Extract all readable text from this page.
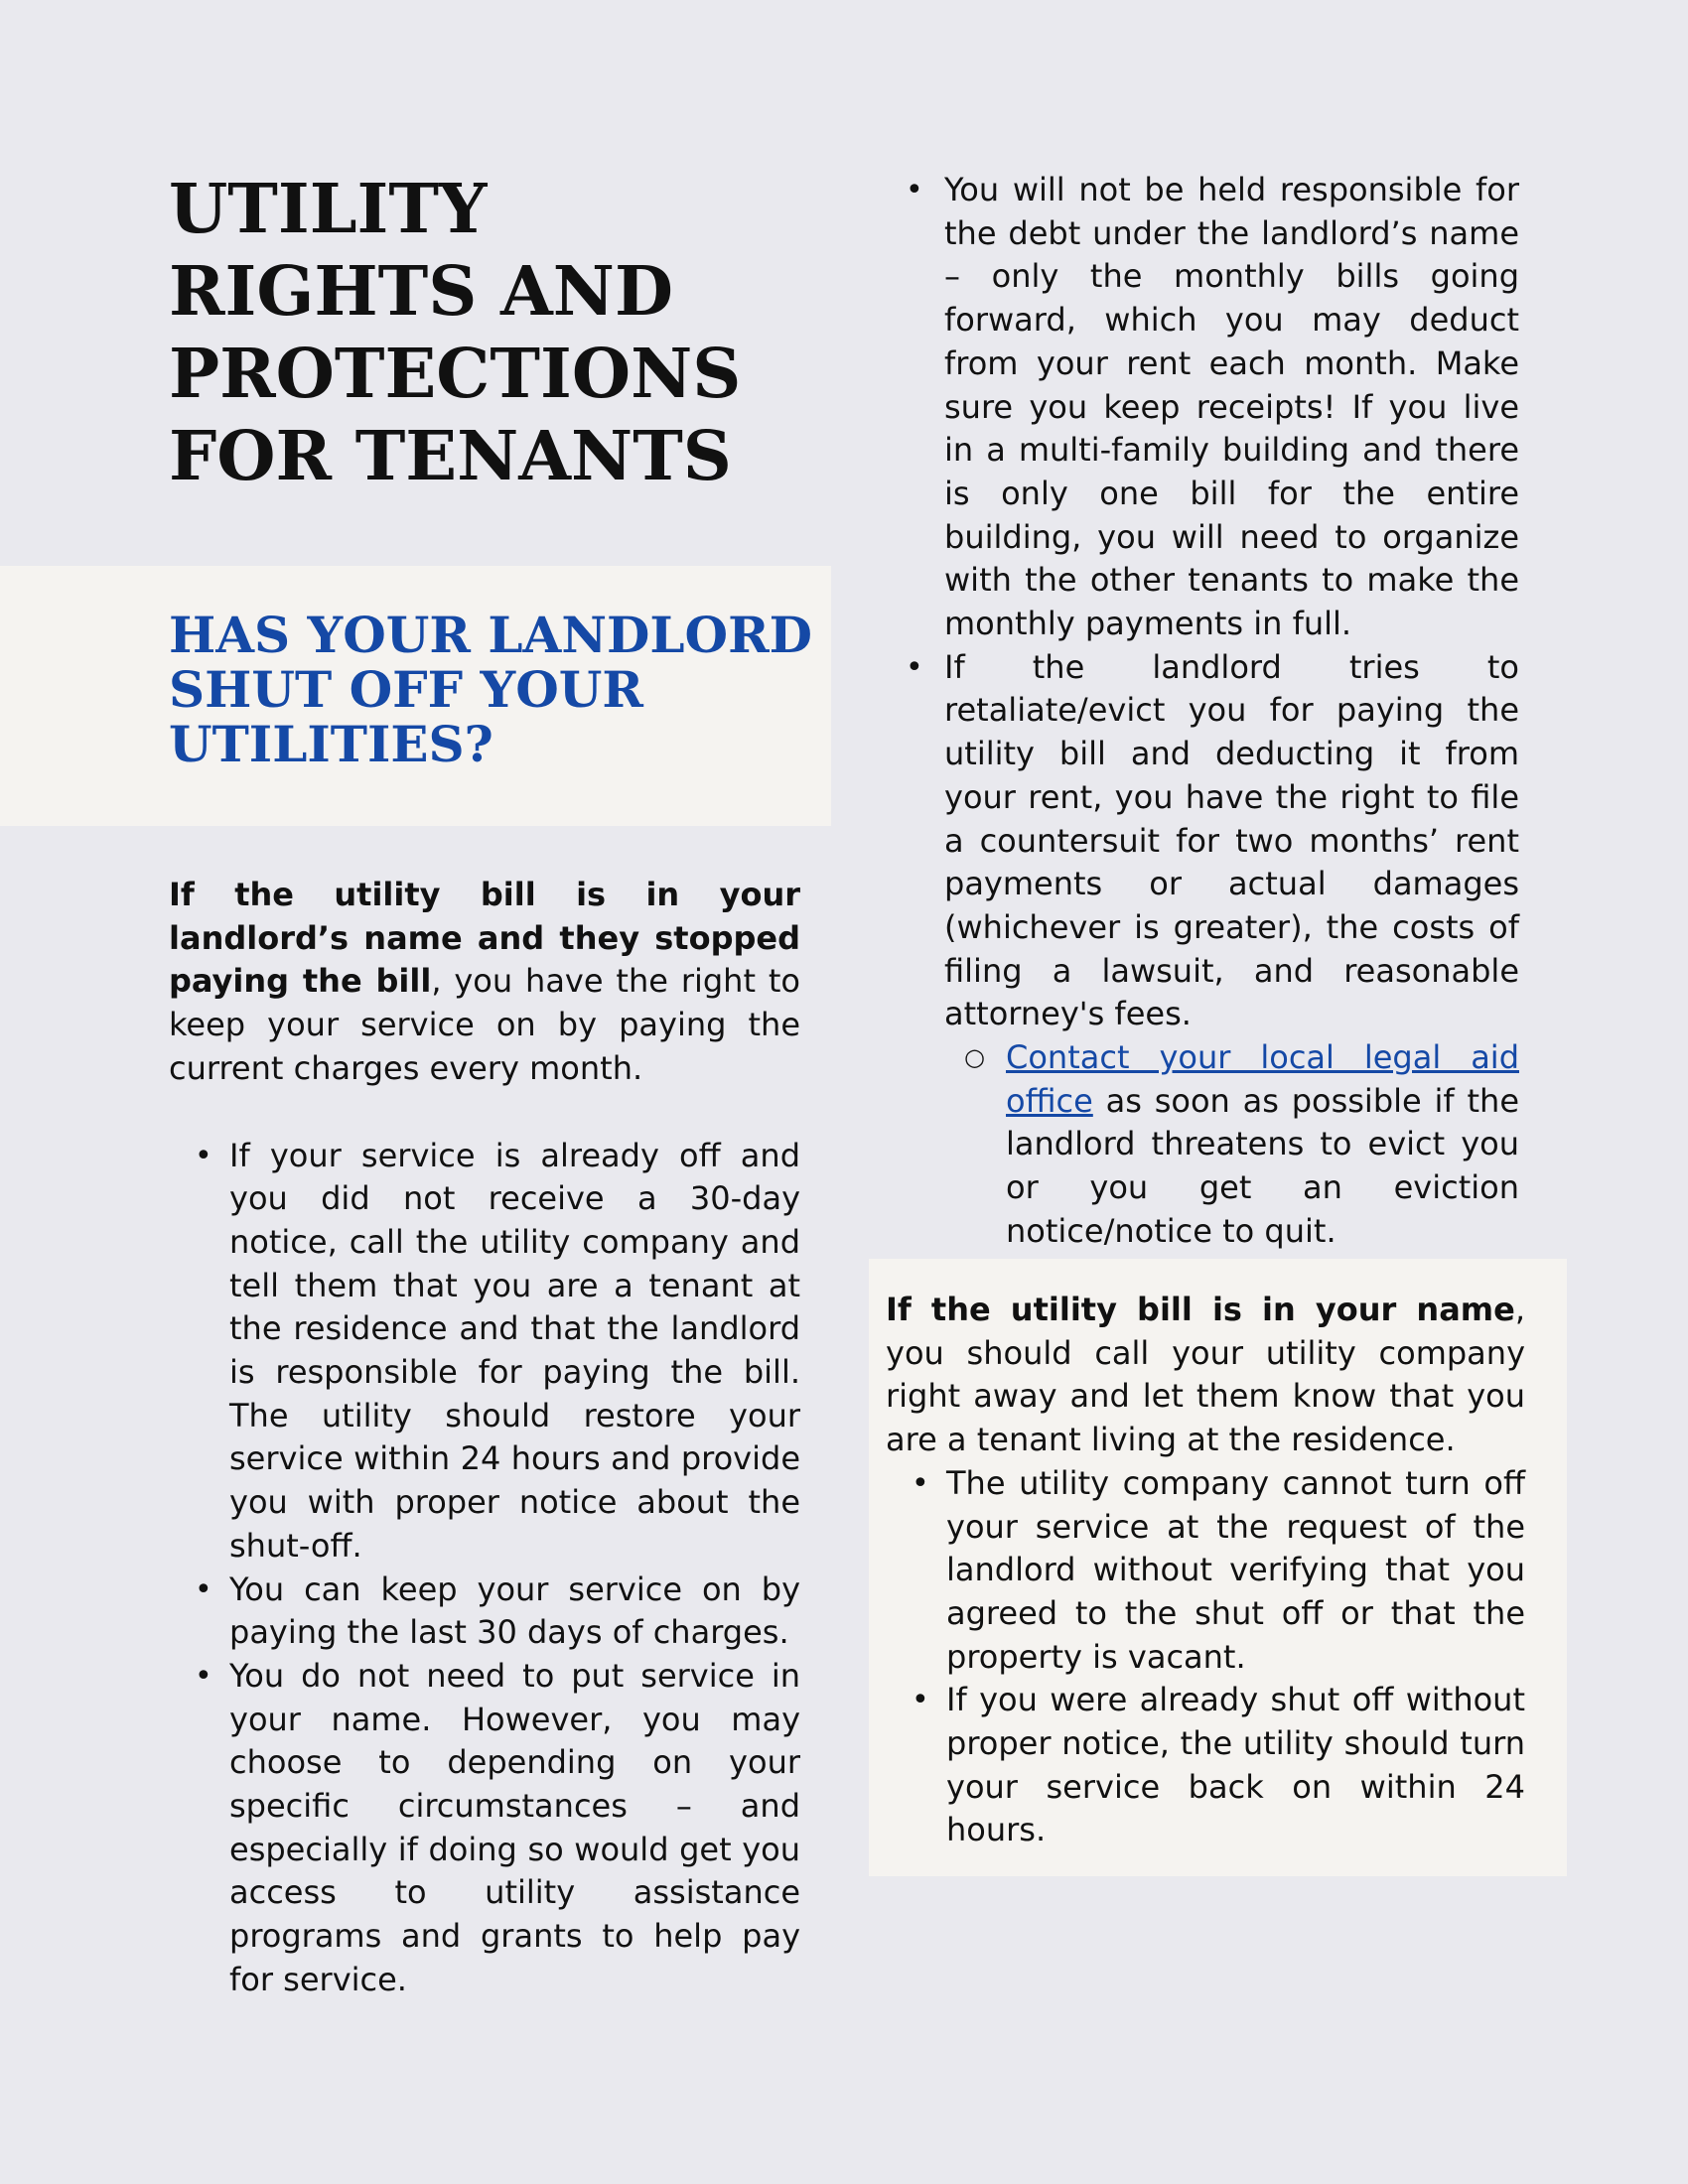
UTILITY RIGHTS AND PROTECTIONS FOR TENANTS
HAS YOUR LANDLORD SHUT OFF YOUR UTILITIES?

If the utility bill is in your landlord’s name and they stopped paying the bill, you have the right to keep your service on by paying the current charges every month.

• If your service is already off and you did not receive a 30-day notice, call the utility company and tell them that you are a tenant at the residence and that the landlord is responsible for paying the bill. The utility should restore your service within 24 hours and provide you with proper notice about the shut-off.
• You can keep your service on by paying the last 30 days of charges.
• You do not need to put service in your name. However, you may choose to depending on your specific circumstances – and especially if doing so would get you access to utility assistance programs and grants to help pay for service.
• You will not be held responsible for the debt under the landlord’s name – only the monthly bills going forward, which you may deduct from your rent each month. Make sure you keep receipts! If you live in a multi-family building and there is only one bill for the entire building, you will need to organize with the other tenants to make the monthly payments in full.
• If the landlord tries to retaliate/evict you for paying the utility bill and deducting it from your rent, you have the right to file a countersuit for two months’ rent payments or actual damages (whichever is greater), the costs of filing a lawsuit, and reasonable attorney's fees.
○ Contact your local legal aid office as soon as possible if the landlord threatens to evict you or you get an eviction notice/notice to quit.

If the utility bill is in your name, you should call your utility company right away and let them know that you are a tenant living at the residence.

• The utility company cannot turn off your service at the request of the landlord without verifying that you agreed to the shut off or that the property is vacant.
• If you were already shut off without proper notice, the utility should turn your service back on within 24 hours.
